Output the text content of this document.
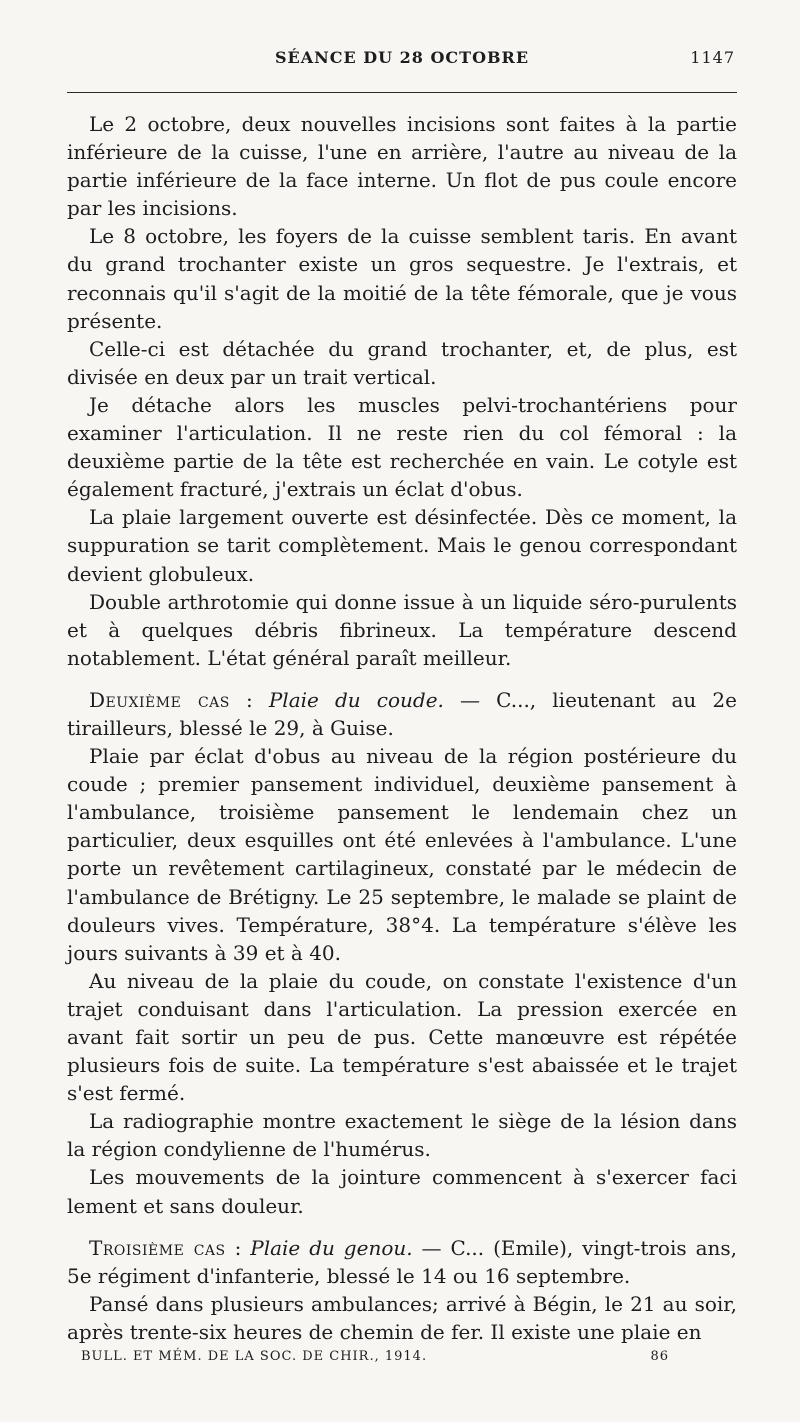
SÉANCE DU 28 OCTOBRE	1147

Le 2 octobre, deux nouvelles incisions sont faites à la partie inférieure de la cuisse, l'une en arrière, l'autre au niveau de la partie inférieure de la face interne. Un flot de pus coule encore par les incisions.

Le 8 octobre, les foyers de la cuisse semblent taris. En avant du grand trochanter existe un gros sequestre. Je l'extrais, et reconnais qu'il s'agit de la moitié de la tête fémorale, que je vous présente.

Celle-ci est détachée du grand trochanter, et, de plus, est divisée en deux par un trait vertical.

Je détache alors les muscles pelvi-trochantériens pour examiner l'articulation. Il ne reste rien du col fémoral : la deuxième partie de la tête est recherchée en vain. Le cotyle est également fracturé, j'extrais un éclat d'obus.

La plaie largement ouverte est désinfectée. Dès ce moment, la suppuration se tarit complètement. Mais le genou correspondant devient globuleux.

Double arthrotomie qui donne issue à un liquide séro-purulents et à quelques débris fibrineux. La température descend notablement. L'état général paraît meilleur.

Deuxième cas : Plaie du coude. — C..., lieutenant au 2e tirailleurs, blessé le 29, à Guise.

Plaie par éclat d'obus au niveau de la région postérieure du coude ; premier pansement individuel, deuxième pansement à l'ambulance, troisième pansement le lendemain chez un particulier, deux esquilles ont été enlevées à l'ambulance. L'une porte un revêtement cartilagineux, constaté par le médecin de l'ambulance de Brétigny. Le 25 septembre, le malade se plaint de douleurs vives. Température, 38°4. La température s'élève les jours suivants à 39 et à 40.

Au niveau de la plaie du coude, on constate l'existence d'un trajet conduisant dans l'articulation. La pression exercée en avant fait sortir un peu de pus. Cette manœuvre est répétée plusieurs fois de suite. La température s'est abaissée et le trajet s'est fermé.

La radiographie montre exactement le siège de la lésion dans la région condylienne de l'humérus.

Les mouvements de la jointure commencent à s'exercer faci lement et sans douleur.

Troisième cas : Plaie du genou. — C... (Emile), vingt-trois ans, 5e régiment d'infanterie, blessé le 14 ou 16 septembre.

Pansé dans plusieurs ambulances; arrivé à Bégin, le 21 au soir, après trente-six heures de chemin de fer. Il existe une plaie en

BULL. ET MÉM. DE LA SOC. DE CHIR., 1914.	86
